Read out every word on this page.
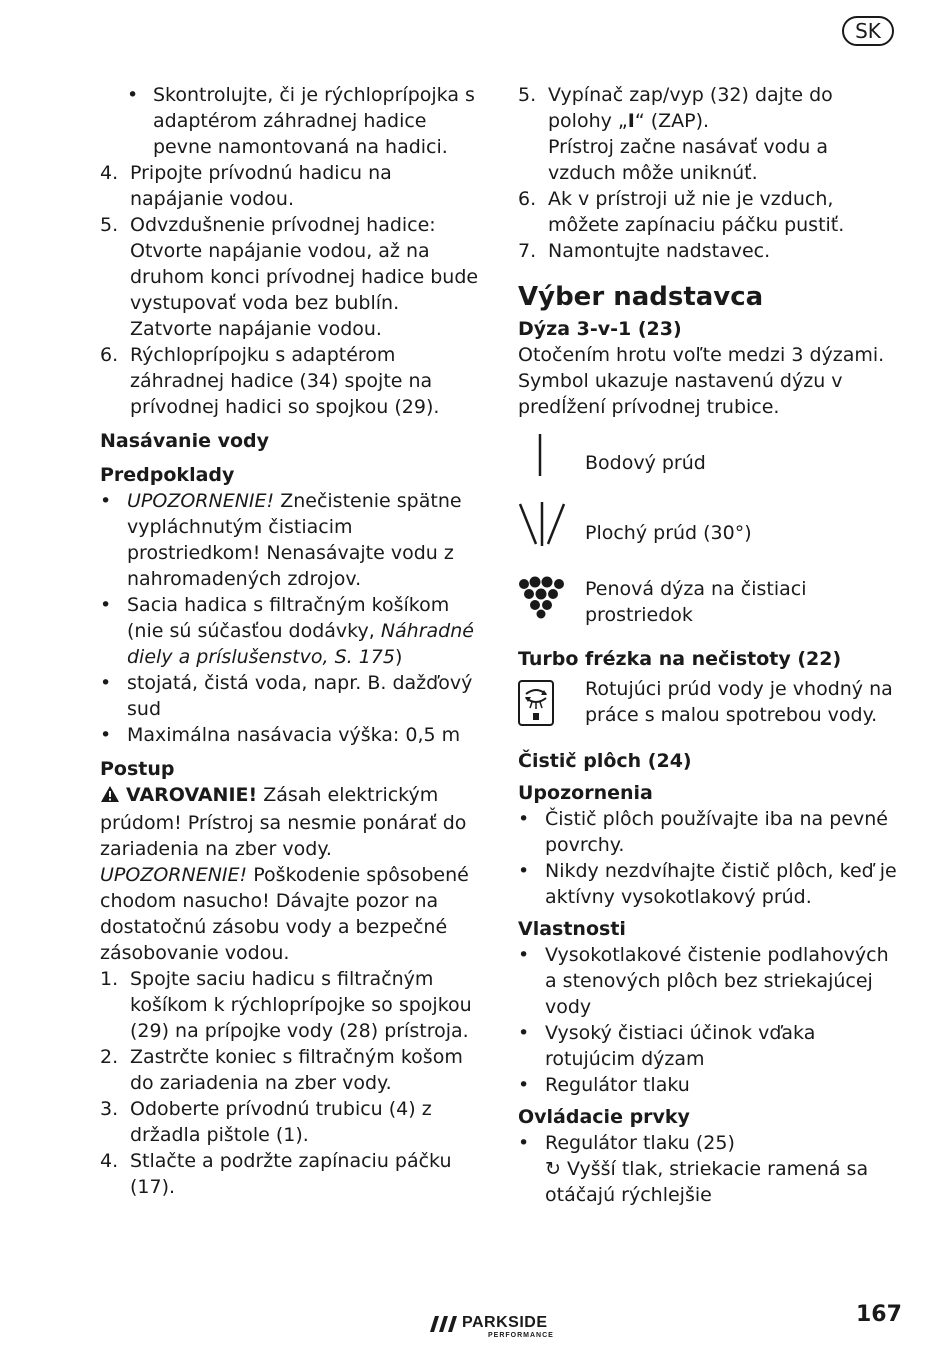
SK

• Skontrolujte, či je rýchloprípojka s adaptérom záhradnej hadice pevne namontovaná na hadici.

4. Pripojte prívodnú hadicu na napájanie vodou.

5. Odvzdušnenie prívodnej hadice: Otvorte napájanie vodou, až na druhom konci prívodnej hadice bude vystupovať voda bez bublín. Zatvorte napájanie vodou.

6. Rýchloprípojku s adaptérom záhradnej hadice (34) spojte na prívodnej hadici so spojkou (29).

Nasávanie vody

Predpoklady

• UPOZORNENIE! Znečistenie spätne vypláchnutým čistiacim prostriedkom! Nenasávajte vodu z nahromadených zdrojov.

• Sacia hadica s filtračným košíkom (nie sú súčasťou dodávky, Náhradné diely a príslušenstvo, S. 175)

• stojatá, čistá voda, napr. B. dažďový sud

• Maximálna nasávacia výška: 0,5 m

Postup

VAROVANIE! Zásah elektrickým prúdom! Prístroj sa nesmie ponárať do zariadenia na zber vody.

UPOZORNENIE! Poškodenie spôsobené chodom nasucho! Dávajte pozor na dostatočnú zásobu vody a bezpečné zásobovanie vodou.

1. Spojte saciu hadicu s filtračným košíkom k rýchloprípojke so spojkou (29) na prípojke vody (28) prístroja.

2. Zastrčte koniec s filtračným košom do zariadenia na zber vody.

3. Odoberte prívodnú trubicu (4) z držadla pištole (1).

4. Stlačte a podržte zapínaciu páčku (17).

5. Vypínač zap/vyp (32) dajte do polohy „I“ (ZAP).
Prístroj začne nasávať vodu a vzduch môže uniknúť.

6. Ak v prístroji už nie je vzduch, môžete zapínaciu páčku pustiť.

7. Namontujte nadstavec.

Výber nadstavca

Dýza 3-v-1 (23)

Otočením hrotu voľte medzi 3 dýzami. Symbol ukazuje nastavenú dýzu v predĺžení prívodnej trubice.

Bodový prúd
Plochý prúd (30°)
Penová dýza na čistiaci prostriedok

Turbo frézka na nečistoty (22)

Rotujúci prúd vody je vhodný na práce s malou spotrebou vody.

Čistič plôch (24)

Upozornenia

• Čistič plôch používajte iba na pevné povrchy.

• Nikdy nezdvíhajte čistič plôch, keď je aktívny vysokotlakový prúd.

Vlastnosti

• Vysokotlakové čistenie podlahových a stenových plôch bez striekajúcej vody

• Vysoký čistiaci účinok vďaka rotujúcim dýzam

• Regulátor tlaku

Ovládacie prvky

• Regulátor tlaku (25)
↻ Vyšší tlak, striekacie ramená sa otáčajú rýchlejšie

PARKSIDE
PERFORMANCE
167
